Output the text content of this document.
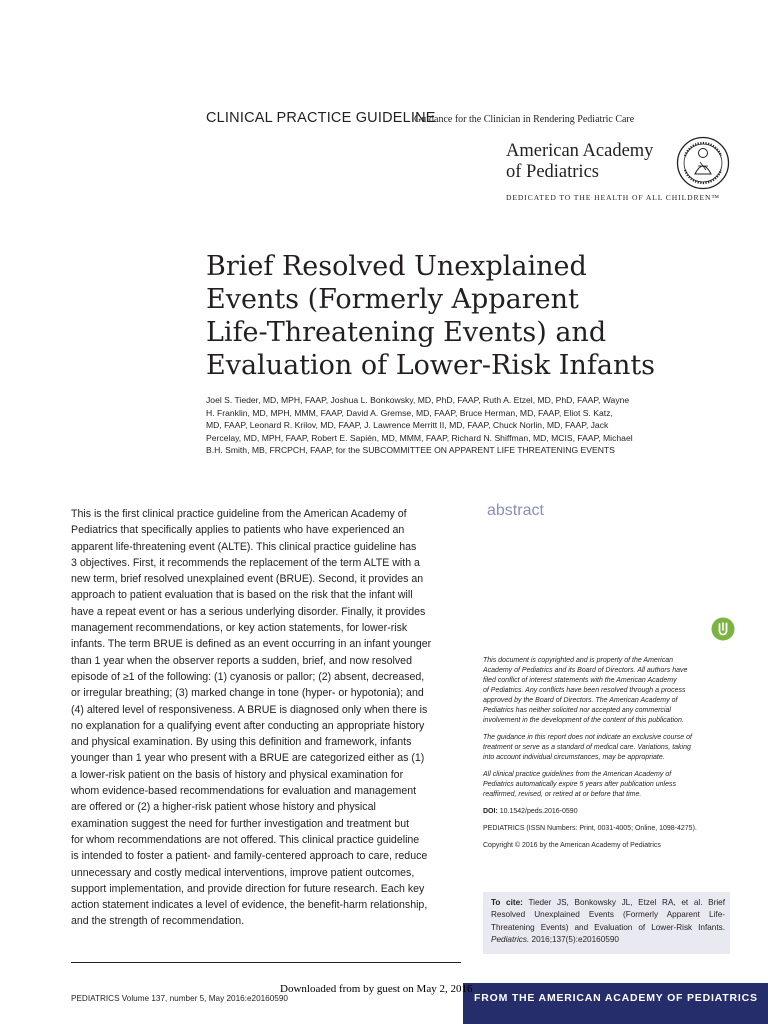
CLINICAL PRACTICE GUIDELINE
Guidance for the Clinician in Rendering Pediatric Care
American Academy
of Pediatrics
DEDICATED TO THE HEALTH OF ALL CHILDREN™
Brief Resolved Unexplained
Events (Formerly Apparent
Life-Threatening Events) and
Evaluation of Lower-Risk Infants
Joel S. Tieder, MD, MPH, FAAP, Joshua L. Bonkowsky, MD, PhD, FAAP, Ruth A. Etzel, MD, PhD, FAAP, Wayne
H. Franklin, MD, MPH, MMM, FAAP, David A. Gremse, MD, FAAP, Bruce Herman, MD, FAAP, Eliot S. Katz,
MD, FAAP, Leonard R. Krilov, MD, FAAP, J. Lawrence Merritt II, MD, FAAP, Chuck Norlin, MD, FAAP, Jack
Percelay, MD, MPH, FAAP, Robert E. Sapién, MD, MMM, FAAP, Richard N. Shiffman, MD, MCIS, FAAP, Michael
B.H. Smith, MB, FRCPCH, FAAP, for the SUBCOMMITTEE ON APPARENT LIFE THREATENING EVENTS
This is the first clinical practice guideline from the American Academy of
Pediatrics that specifically applies to patients who have experienced an
apparent life-threatening event (ALTE). This clinical practice guideline has
3 objectives. First, it recommends the replacement of the term ALTE with a
new term, brief resolved unexplained event (BRUE). Second, it provides an
approach to patient evaluation that is based on the risk that the infant will
have a repeat event or has a serious underlying disorder. Finally, it provides
management recommendations, or key action statements, for lower-risk
infants. The term BRUE is defined as an event occurring in an infant younger
than 1 year when the observer reports a sudden, brief, and now resolved
episode of ≥1 of the following: (1) cyanosis or pallor; (2) absent, decreased,
or irregular breathing; (3) marked change in tone (hyper- or hypotonia); and
(4) altered level of responsiveness. A BRUE is diagnosed only when there is
no explanation for a qualifying event after conducting an appropriate history
and physical examination. By using this definition and framework, infants
younger than 1 year who present with a BRUE are categorized either as (1)
a lower-risk patient on the basis of history and physical examination for
whom evidence-based recommendations for evaluation and management
are offered or (2) a higher-risk patient whose history and physical
examination suggest the need for further investigation and treatment but
for whom recommendations are not offered. This clinical practice guideline
is intended to foster a patient- and family-centered approach to care, reduce
unnecessary and costly medical interventions, improve patient outcomes,
support implementation, and provide direction for future research. Each key
action statement indicates a level of evidence, the benefit-harm relationship,
and the strength of recommendation.
abstract

This document is copyrighted and is property of the American
Academy of Pediatrics and its Board of Directors. All authors have
filed conflict of interest statements with the American Academy
of Pediatrics. Any conflicts have been resolved through a process
approved by the Board of Directors. The American Academy of
Pediatrics has neither solicited nor accepted any commercial
involvement in the development of the content of this publication.

The guidance in this report does not indicate an exclusive course of
treatment or serve as a standard of medical care. Variations, taking
into account individual circumstances, may be appropriate.

All clinical practice guidelines from the American Academy of
Pediatrics automatically expire 5 years after publication unless
reaffirmed, revised, or retired at or before that time.

DOI: 10.1542/peds.2016-0590

PEDIATRICS (ISSN Numbers: Print, 0031-4005; Online, 1098-4275).

Copyright © 2016 by the American Academy of Pediatrics

To cite: Tieder JS, Bonkowsky JL, Etzel RA, et al. Brief Resolved Unexplained Events (Formerly Apparent Life-Threatening Events) and Evaluation of Lower-Risk Infants. Pediatrics. 2016;137(5):e20160590
PEDIATRICS Volume 137, number 5, May 2016:e20160590	FROM THE AMERICAN ACADEMY OF PEDIATRICS
Downloaded from by guest on May 2, 2016
